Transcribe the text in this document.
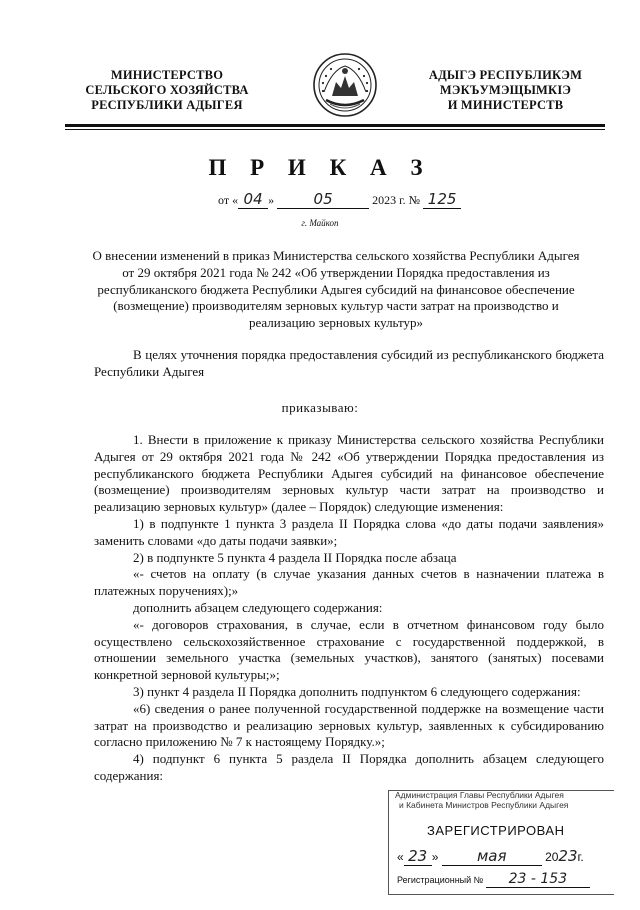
МИНИСТЕРСТВО
СЕЛЬСКОГО ХОЗЯЙСТВА
РЕСПУБЛИКИ АДЫГЕЯ
АДЫГЭ РЕСПУБЛИКЭМ
МЭКЪУМЭЩЫМКIЭ
И МИНИСТЕРСТВ
П Р И К А З
от « 04 »	05	2023 г. № 125
г. Майкоп
О внесении изменений в приказ Министерства сельского хозяйства Республики Адыгея от 29 октября 2021 года № 242 «Об утверждении Порядка предоставления из республиканского бюджета Республики Адыгея субсидий на финансовое обеспечение (возмещение) производителям зерновых культур части затрат на производство и реализацию зерновых культур»

В целях уточнения порядка предоставления субсидий из республиканского бюджета Республики Адыгея

приказываю:

1. Внести в приложение к приказу Министерства сельского хозяйства Республики Адыгея от 29 октября 2021 года № 242 «Об утверждении Порядка предоставления из республиканского бюджета Республики Адыгея субсидий на финансовое обеспечение (возмещение) производителям зерновых культур части затрат на производство и реализацию зерновых культур» (далее – Порядок) следующие изменения:

1) в подпункте 1 пункта 3 раздела II Порядка слова «до даты подачи заявления» заменить словами «до даты подачи заявки»;

2) в подпункте 5 пункта 4 раздела II Порядка после абзаца

«- счетов на оплату (в случае указания данных счетов в назначении платежа в платежных поручениях);»

дополнить абзацем следующего содержания:

«- договоров страхования, в случае, если в отчетном финансовом году было осуществлено сельскохозяйственное страхование с государственной поддержкой, в отношении земельного участка (земельных участков), занятого (занятых) посевами конкретной зерновой культуры;»;

3) пункт 4 раздела II Порядка дополнить подпунктом 6 следующего содержания:

«6) сведения о ранее полученной государственной поддержке на возмещение части затрат на производство и реализацию зерновых культур, заявленных к субсидированию согласно приложению № 7 к настоящему Порядку.»;

4) подпункт 6 пункта 5 раздела II Порядка дополнить абзацем следующего содержания:

Администрация Главы Республики Адыгея
и Кабинета Министров Республики Адыгея
ЗАРЕГИСТРИРОВАН
« 23 »	мая	2023г.
Регистрационный № 23 - 153
